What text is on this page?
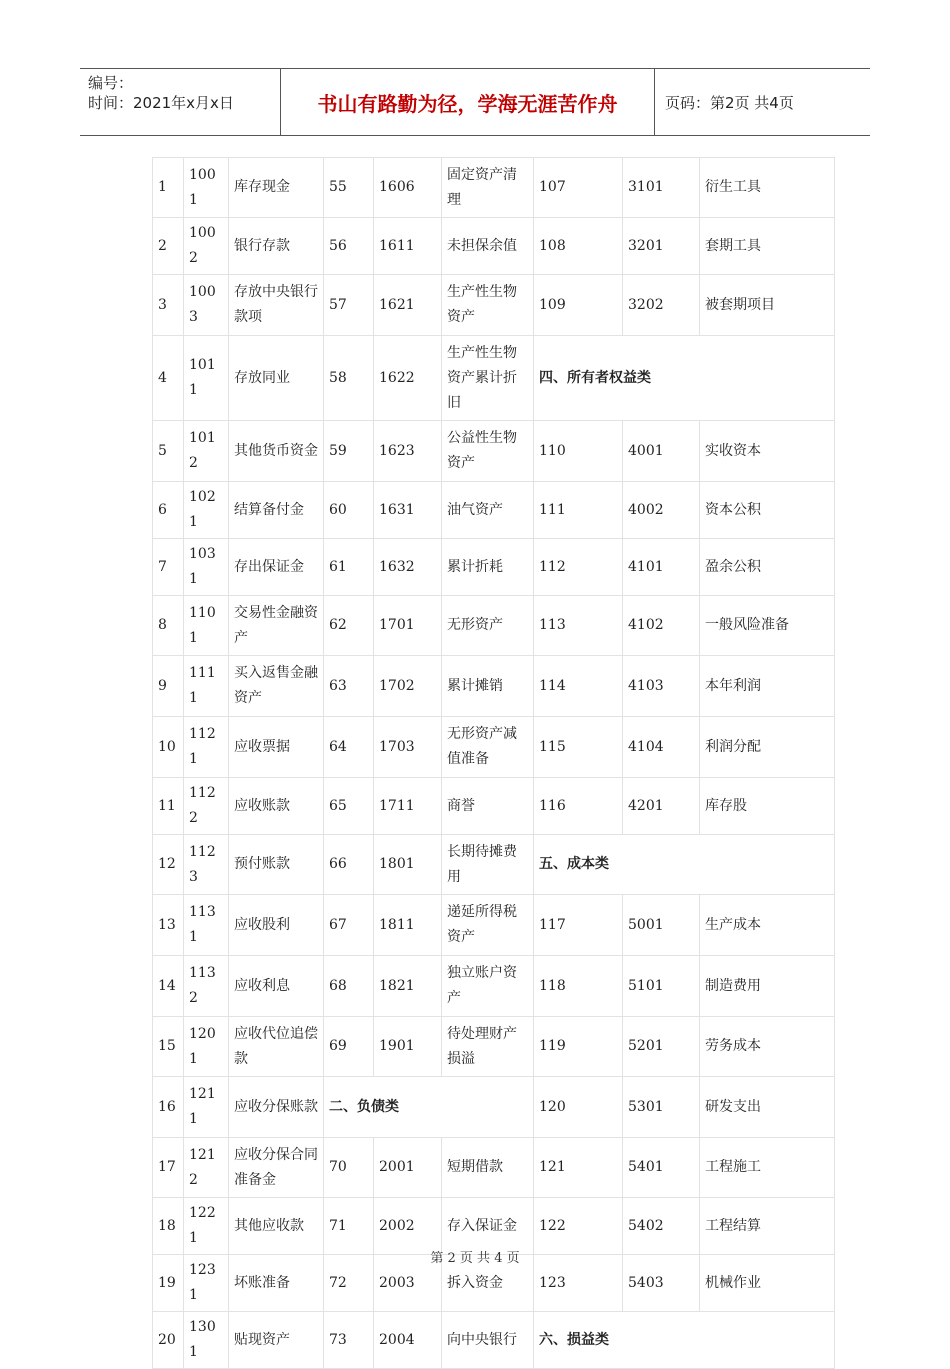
编号：
时间：2021年x月x日	书山有路勤为径，学海无涯苦作舟	页码：第2页 共4页
1	1001	库存现金	55	1606	固定资产清理	107	3101	衍生工具
2	1002	银行存款	56	1611	未担保余值	108	3201	套期工具
3	1003	存放中央银行款项	57	1621	生产性生物资产	109	3202	被套期项目
4	1011	存放同业	58	1622	生产性生物资产累计折旧	四、所有者权益类		
5	1012	其他货币资金	59	1623	公益性生物资产	110	4001	实收资本
6	1021	结算备付金	60	1631	油气资产	111	4002	资本公积
7	1031	存出保证金	61	1632	累计折耗	112	4101	盈余公积
8	1101	交易性金融资产	62	1701	无形资产	113	4102	一般风险准备
9	1111	买入返售金融资产	63	1702	累计摊销	114	4103	本年利润
10	1121	应收票据	64	1703	无形资产减值准备	115	4104	利润分配
11	1122	应收账款	65	1711	商誉	116	4201	库存股
12	1123	预付账款	66	1801	长期待摊费用	五、成本类		
13	1131	应收股利	67	1811	递延所得税资产	117	5001	生产成本
14	1132	应收利息	68	1821	独立账户资产	118	5101	制造费用
15	1201	应收代位追偿款	69	1901	待处理财产损溢	119	5201	劳务成本
16	1211	应收分保账款	二、负债类			120	5301	研发支出
17	1212	应收分保合同准备金	70	2001	短期借款	121	5401	工程施工
18	1221	其他应收款	71	2002	存入保证金	122	5402	工程结算
19	1231	坏账准备	72	2003	拆入资金	123	5403	机械作业
20	1301	贴现资产	73	2004	向中央银行	六、损益类		
第 2 页 共 4 页
